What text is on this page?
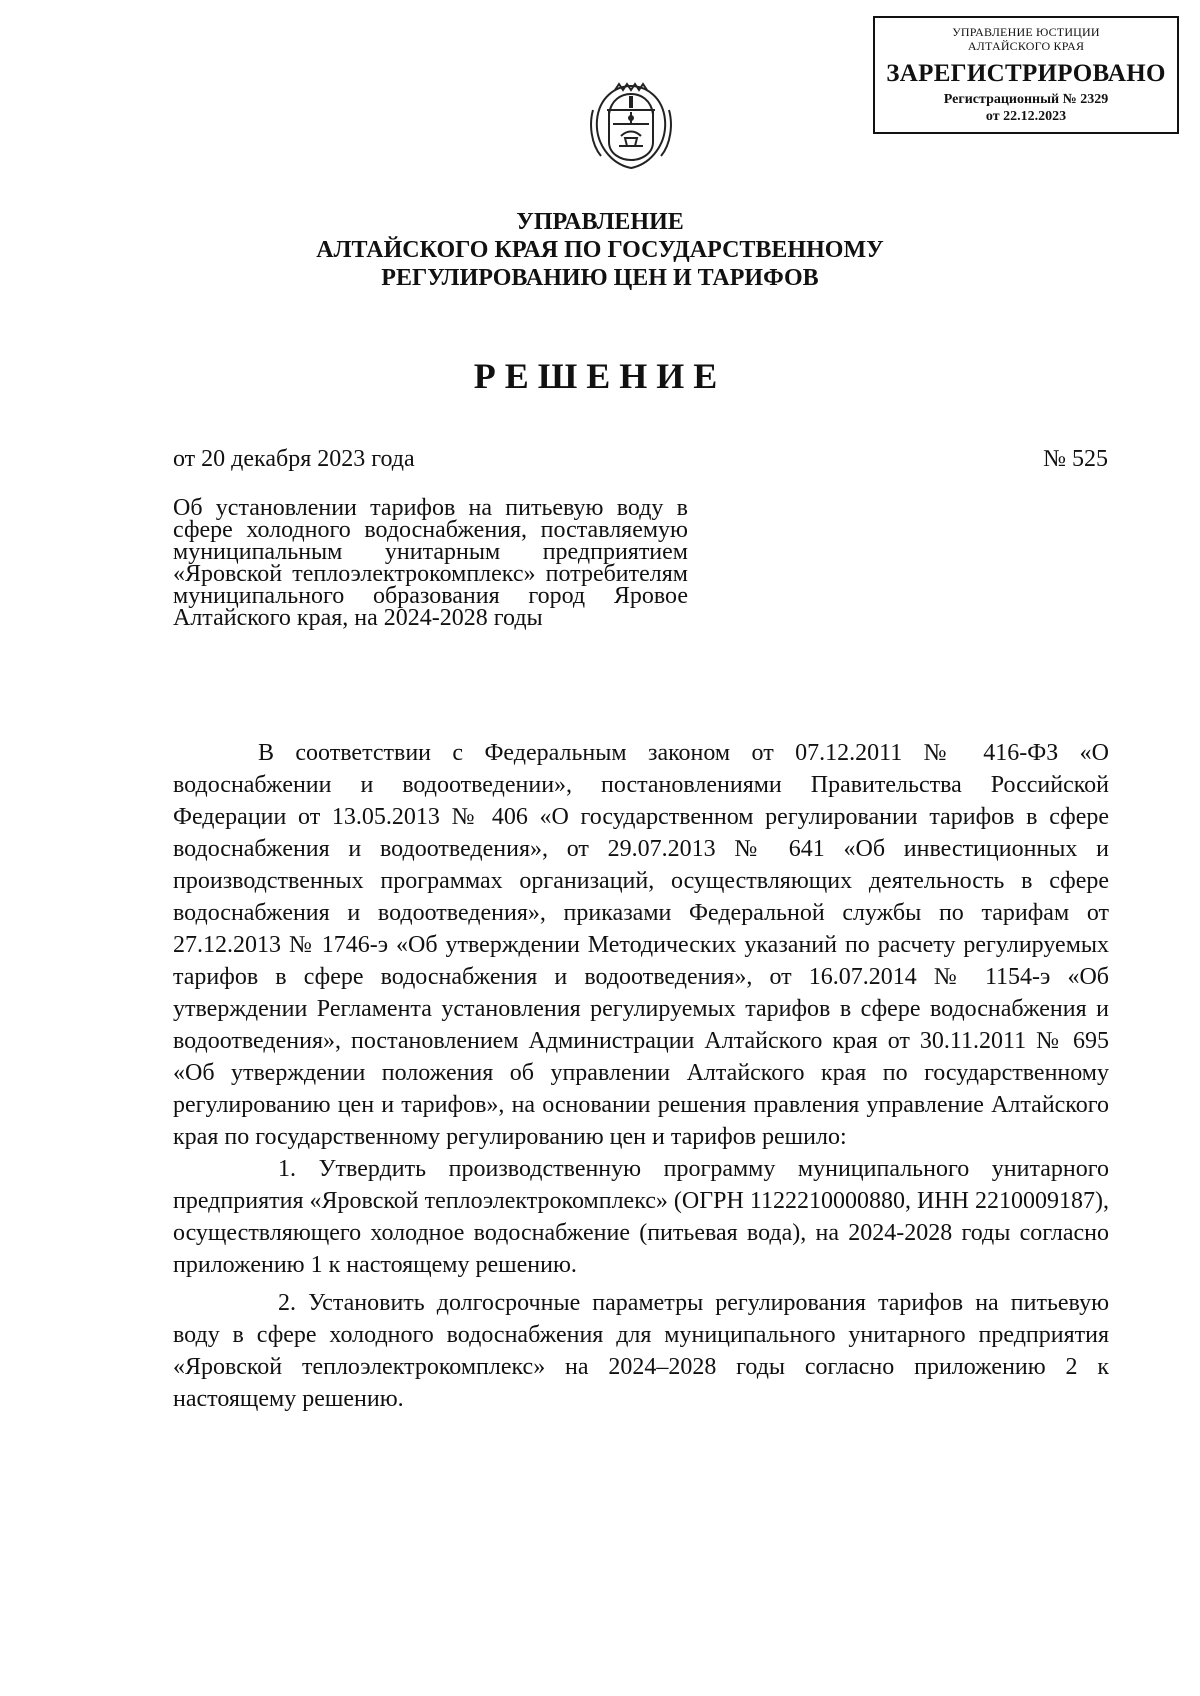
УПРАВЛЕНИЕ ЮСТИЦИИ
АЛТАЙСКОГО КРАЯ
ЗАРЕГИСТРИРОВАНО
Регистрационный № 2329
от 22.12.2023
УПРАВЛЕНИЕ
АЛТАЙСКОГО КРАЯ ПО ГОСУДАРСТВЕННОМУ
РЕГУЛИРОВАНИЮ ЦЕН И ТАРИФОВ
РЕШЕНИЕ
от 20 декабря 2023 года	№ 525
Об установлении тарифов на питьевую воду в сфере холодного водоснабжения, поставляемую муниципальным унитарным предприятием «Яровской теплоэлектрокомплекс» потребителям муниципального образования город Яровое Алтайского края, на 2024-2028 годы

В соответствии с Федеральным законом от 07.12.2011 № 416-ФЗ «О водоснабжении и водоотведении», постановлениями Правительства Российской Федерации от 13.05.2013 № 406 «О государственном регулировании тарифов в сфере водоснабжения и водоотведения», от 29.07.2013 № 641 «Об инвестиционных и производственных программах организаций, осуществляющих деятельность в сфере водоснабжения и водоотведения», приказами Федеральной службы по тарифам от 27.12.2013 № 1746-э «Об утверждении Методических указаний по расчету регулируемых тарифов в сфере водоснабжения и водоотведения», от 16.07.2014 № 1154-э «Об утверждении Регламента установления регулируемых тарифов в сфере водоснабжения и водоотведения», постановлением Администрации Алтайского края от 30.11.2011 № 695 «Об утверждении положения об управлении Алтайского края по государственному регулированию цен и тарифов», на основании решения правления управление Алтайского края по государственному регулированию цен и тарифов решило:

1. Утвердить производственную программу муниципального унитарного предприятия «Яровской теплоэлектрокомплекс» (ОГРН 1122210000880, ИНН 2210009187), осуществляющего холодное водоснабжение (питьевая вода), на 2024-2028 годы согласно приложению 1 к настоящему решению.

2. Установить долгосрочные параметры регулирования тарифов на питьевую воду в сфере холодного водоснабжения для муниципального унитарного предприятия «Яровской теплоэлектрокомплекс» на 2024–2028 годы согласно приложению 2 к настоящему решению.
